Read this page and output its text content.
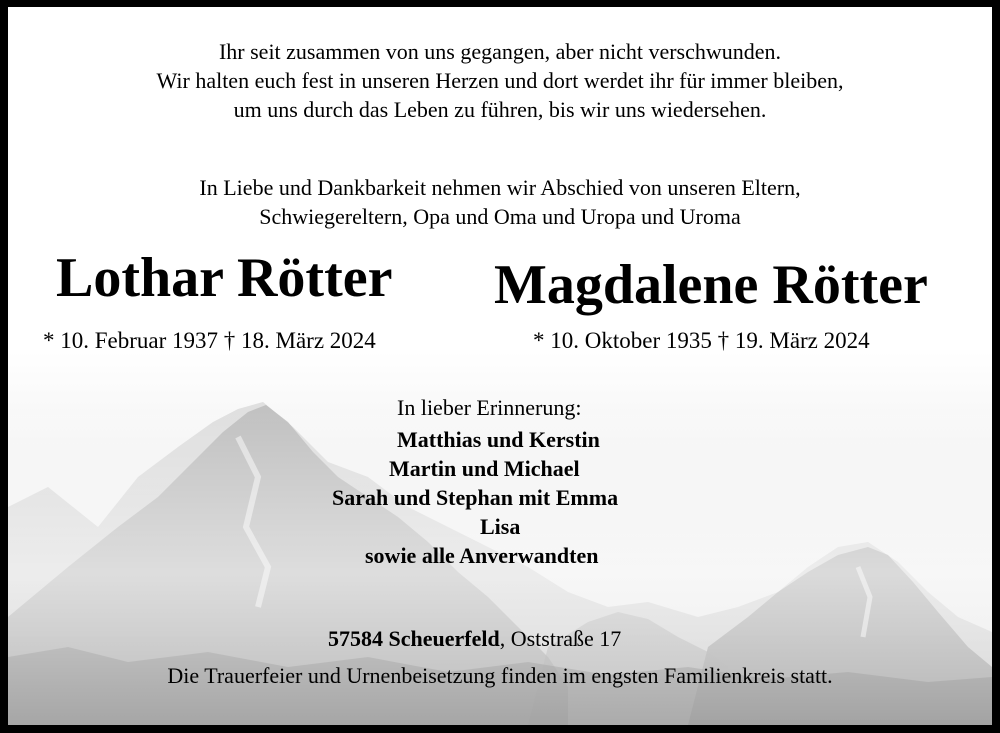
Ihr seit zusammen von uns gegangen, aber nicht verschwunden.
Wir halten euch fest in unseren Herzen und dort werdet ihr für immer bleiben,
um uns durch das Leben zu führen, bis wir uns wiedersehen.
In Liebe und Dankbarkeit nehmen wir Abschied von unseren Eltern,
Schwiegereltern, Opa und Oma und Uropa und Uroma
Lothar Rötter Magdalene Rötter
* 10. Februar 1937 † 18. März 2024	* 10. Oktober 1935 † 19. März 2024
In lieber Erinnerung:
Matthias und Kerstin
Martin und Michael
Sarah und Stephan mit Emma
Lisa
sowie alle Anverwandten
57584 Scheuerfeld, Oststraße 17
Die Trauerfeier und Urnenbeisetzung finden im engsten Familienkreis statt.
